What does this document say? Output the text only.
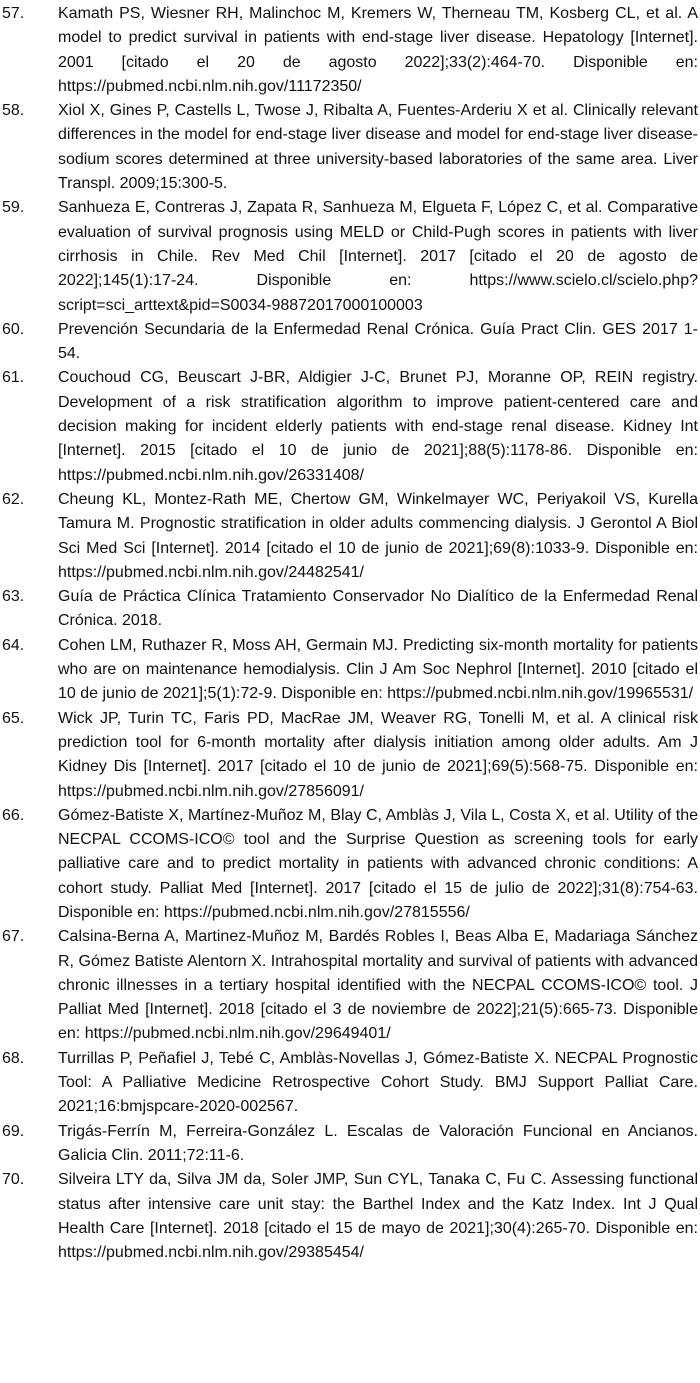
57.	Kamath PS, Wiesner RH, Malinchoc M, Kremers W, Therneau TM, Kosberg CL, et al. A model to predict survival in patients with end-stage liver disease. Hepatology [Internet]. 2001 [citado el 20 de agosto 2022];33(2):464-70. Disponible en: https://pubmed.ncbi.nlm.nih.gov/11172350/
58.	Xiol X, Gines P, Castells L, Twose J, Ribalta A, Fuentes-Arderiu X et al. Clinically relevant differences in the model for end-stage liver disease and model for end-stage liver disease-sodium scores determined at three university-based laboratories of the same area. Liver Transpl. 2009;15:300-5.
59.	Sanhueza E, Contreras J, Zapata R, Sanhueza M, Elgueta F, López C, et al. Comparative evaluation of survival prognosis using MELD or Child-Pugh scores in patients with liver cirrhosis in Chile. Rev Med Chil [Internet]. 2017 [citado el 20 de agosto de 2022];145(1):17-24. Disponible en: https://www.scielo.cl/scielo.php?script=sci_arttext&pid=S0034-98872017000100003
60.	Prevención Secundaria de la Enfermedad Renal Crónica. Guía Pract Clin. GES 2017 1-54.
61.	Couchoud CG, Beuscart J-BR, Aldigier J-C, Brunet PJ, Moranne OP, REIN registry. Development of a risk stratification algorithm to improve patient-centered care and decision making for incident elderly patients with end-stage renal disease. Kidney Int [Internet]. 2015 [citado el 10 de junio de 2021];88(5):1178-86. Disponible en: https://pubmed.ncbi.nlm.nih.gov/26331408/
62.	Cheung KL, Montez-Rath ME, Chertow GM, Winkelmayer WC, Periyakoil VS, Kurella Tamura M. Prognostic stratification in older adults commencing dialysis. J Gerontol A Biol Sci Med Sci [Internet]. 2014 [citado el 10 de junio de 2021];69(8):1033-9. Disponible en: https://pubmed.ncbi.nlm.nih.gov/24482541/
63.	Guía de Práctica Clínica Tratamiento Conservador No Dialítico de la Enfermedad Renal Crónica. 2018.
64.	Cohen LM, Ruthazer R, Moss AH, Germain MJ. Predicting six-month mortality for patients who are on maintenance hemodialysis. Clin J Am Soc Nephrol [Internet]. 2010 [citado el 10 de junio de 2021];5(1):72-9. Disponible en: https://pubmed.ncbi.nlm.nih.gov/19965531/
65.	Wick JP, Turin TC, Faris PD, MacRae JM, Weaver RG, Tonelli M, et al. A clinical risk prediction tool for 6-month mortality after dialysis initiation among older adults. Am J Kidney Dis [Internet]. 2017 [citado el 10 de junio de 2021];69(5):568-75. Disponible en: https://pubmed.ncbi.nlm.nih.gov/27856091/
66.	Gómez-Batiste X, Martínez-Muñoz M, Blay C, Amblàs J, Vila L, Costa X, et al. Utility of the NECPAL CCOMS-ICO© tool and the Surprise Question as screening tools for early palliative care and to predict mortality in patients with advanced chronic conditions: A cohort study. Palliat Med [Internet]. 2017 [citado el 15 de julio de 2022];31(8):754-63. Disponible en: https://pubmed.ncbi.nlm.nih.gov/27815556/
67.	Calsina-Berna A, Martinez-Muñoz M, Bardés Robles I, Beas Alba E, Madariaga Sánchez R, Gómez Batiste Alentorn X. Intrahospital mortality and survival of patients with advanced chronic illnesses in a tertiary hospital identified with the NECPAL CCOMS-ICO© tool. J Palliat Med [Internet]. 2018 [citado el 3 de noviembre de 2022];21(5):665-73. Disponible en: https://pubmed.ncbi.nlm.nih.gov/29649401/
68.	Turrillas P, Peñafiel J, Tebé C, Amblàs-Novellas J, Gómez-Batiste X. NECPAL Prognostic Tool: A Palliative Medicine Retrospective Cohort Study. BMJ Support Palliat Care. 2021;16:bmjspcare-2020-002567.
69.	Trigás-Ferrín M, Ferreira-González L. Escalas de Valoración Funcional en Ancianos. Galicia Clin. 2011;72:11-6.
70.	Silveira LTY da, Silva JM da, Soler JMP, Sun CYL, Tanaka C, Fu C. Assessing functional status after intensive care unit stay: the Barthel Index and the Katz Index. Int J Qual Health Care [Internet]. 2018 [citado el 15 de mayo de 2021];30(4):265-70. Disponible en: https://pubmed.ncbi.nlm.nih.gov/29385454/
